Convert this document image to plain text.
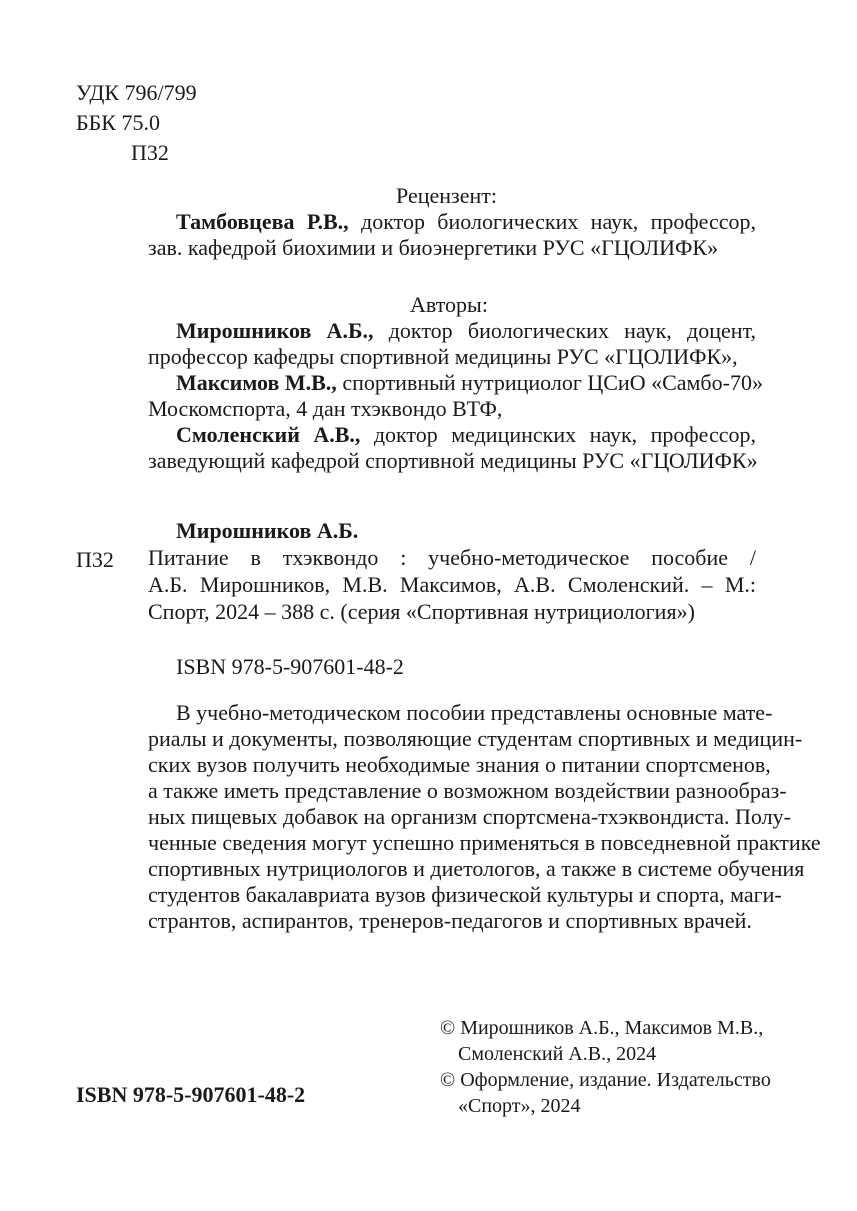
УДК 796/799
ББК 75.0
П32
Рецензент:
Тамбовцева Р.В., доктор биологических наук, профессор,
зав. кафедрой биохимии и биоэнергетики РУС «ГЦОЛИФК»
Авторы:
Мирошников А.Б., доктор биологических наук, доцент,
профессор кафедры спортивной медицины РУС «ГЦОЛИФК»,
Максимов М.В., спортивный нутрициолог ЦСиО «Самбо-70»
Москомспорта, 4 дан тхэквондо ВТФ,
Смоленский А.В., доктор медицинских наук, профессор,
заведующий кафедрой спортивной медицины РУС «ГЦОЛИФК»
Мирошников А.Б.
П32 Питание в тхэквондо : учебно-методическое пособие /
А.Б. Мирошников, М.В. Максимов, А.В. Смоленский. – М.:
Спорт, 2024 – 388 с. (серия «Спортивная нутрициология»)
ISBN 978-5-907601-48-2
В учебно-методическом пособии представлены основные мате-
риалы и документы, позволяющие студентам спортивных и медицин-
ских вузов получить необходимые знания о питании спортсменов,
а также иметь представление о возможном воздействии разнообраз-
ных пищевых добавок на организм спортсмена-тхэквондиста. Полу-
ченные сведения могут успешно применяться в повседневной практике
спортивных нутрициологов и диетологов, а также в системе обучения
студентов бакалавриата вузов физической культуры и спорта, маги-
странтов, аспирантов, тренеров-педагогов и спортивных врачей.
ISBN 978-5-907601-48-2
© Мирошников А.Б., Максимов М.В.,
Смоленский А.В., 2024
© Оформление, издание. Издательство
«Спорт», 2024
